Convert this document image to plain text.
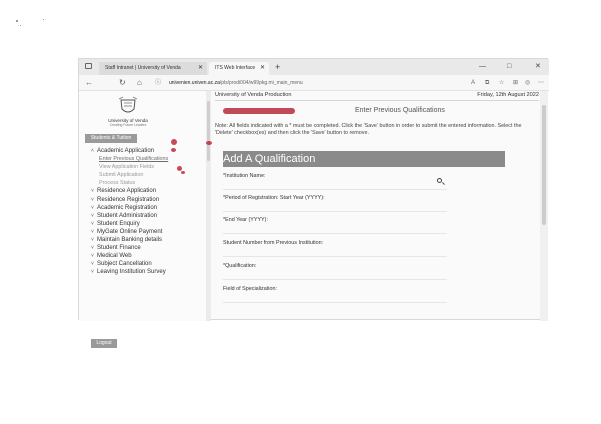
Staff Intranet | University of Venda	✕	ITS Web Interface ✕ +	—	□	✕
←	↻ ⌂ ⓘ univenien.univen.ac.za/pls/prodi004/w99pkg.mi_main_menu	A ⧉ ☆ ⊞ ◎ ⋯
University of Venda
Creating Future Leaders
Students & Tuition
˄ Academic Application
Enter Previous Qualifications
View Application Fields
Submit Application
Process Status
˅ Residence Application
˅ Residence Registration
˅ Academic Registration
˅ Student Administration
˅ Student Enquiry
˅ MyGate Online Payment
˅ Maintain Banking details
˅ Student Finance
˅ Medical Web
˅ Subject Cancellation
˅ Leaving Institution Survey
Logout
University of Venda Production	Friday, 12th August 2022
Enter Previous Qualifications
Note: All fields indicated with a * must be completed. Click the 'Save' button in order to submit the entered information. Select the 'Delete' checkbox(es) and then click the 'Save' button to remove.
Add A Qualification
*Institution Name:
*Period of Registration: Start Year (YYYY):
*End Year (YYYY):
Student Number from Previous Institution:
*Qualification:
Field of Specialization:
